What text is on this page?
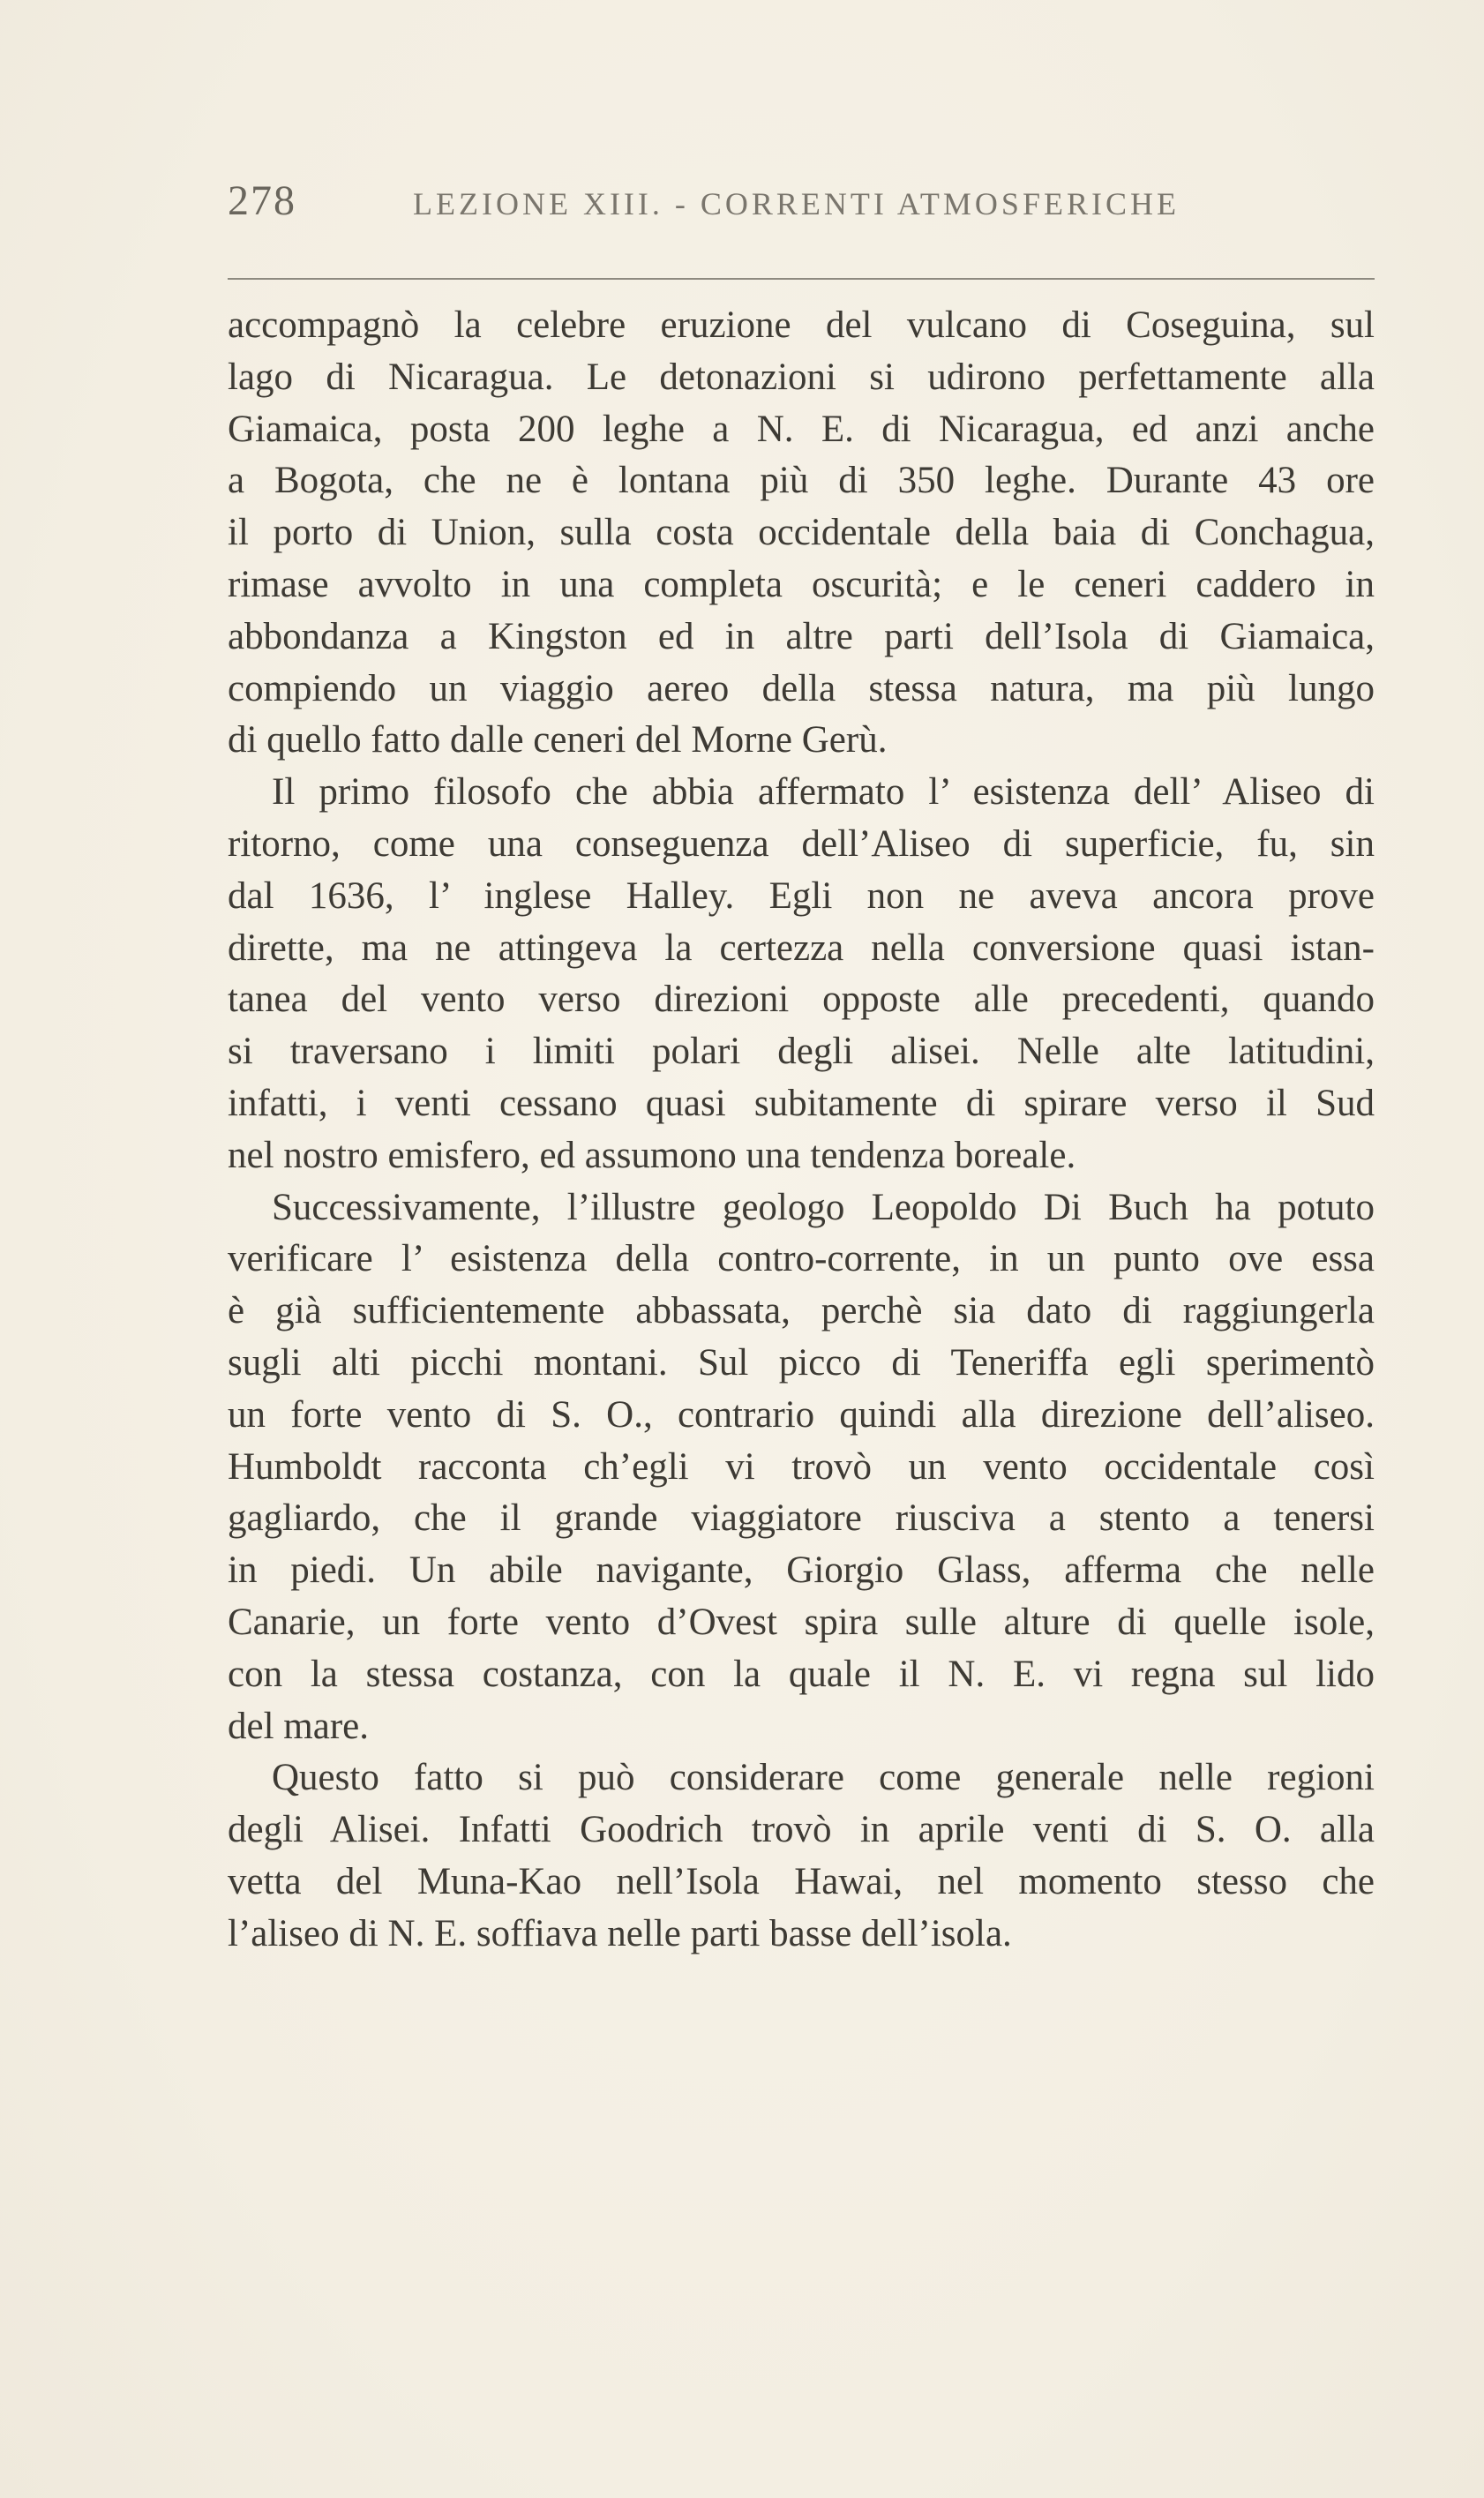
278	LEZIONE XIII. - CORRENTI ATMOSFERICHE
accompagnò la celebre eruzione del vulcano di Coseguina, sul
lago di Nicaragua. Le detonazioni si udirono perfettamente alla
Giamaica, posta 200 leghe a N. E. di Nicaragua, ed anzi anche
a Bogota, che ne è lontana più di 350 leghe. Durante 43 ore
il porto di Union, sulla costa occidentale della baia di Conchagua,
rimase avvolto in una completa oscurità; e le ceneri caddero in
abbondanza a Kingston ed in altre parti dell’Isola di Giamaica,
compiendo un viaggio aereo della stessa natura, ma più lungo
di quello fatto dalle ceneri del Morne Gerù.
Il primo filosofo che abbia affermato l’ esistenza dell’ Aliseo di
ritorno, come una conseguenza dell’Aliseo di superficie, fu, sin
dal 1636, l’ inglese Halley. Egli non ne aveva ancora prove
dirette, ma ne attingeva la certezza nella conversione quasi istan-
tanea del vento verso direzioni opposte alle precedenti, quando
si traversano i limiti polari degli alisei. Nelle alte latitudini,
infatti, i venti cessano quasi subitamente di spirare verso il Sud
nel nostro emisfero, ed assumono una tendenza boreale.
Successivamente, l’illustre geologo Leopoldo Di Buch ha potuto
verificare l’ esistenza della contro-corrente, in un punto ove essa
è già sufficientemente abbassata, perchè sia dato di raggiungerla
sugli alti picchi montani. Sul picco di Teneriffa egli sperimentò
un forte vento di S. O., contrario quindi alla direzione dell’aliseo.
Humboldt racconta ch’egli vi trovò un vento occidentale così
gagliardo, che il grande viaggiatore riusciva a stento a tenersi
in piedi. Un abile navigante, Giorgio Glass, afferma che nelle
Canarie, un forte vento d’Ovest spira sulle alture di quelle isole,
con la stessa costanza, con la quale il N. E. vi regna sul lido
del mare.
Questo fatto si può considerare come generale nelle regioni
degli Alisei. Infatti Goodrich trovò in aprile venti di S. O. alla
vetta del Muna-Kao nell’Isola Hawai, nel momento stesso che
l’aliseo di N. E. soffiava nelle parti basse dell’isola.
